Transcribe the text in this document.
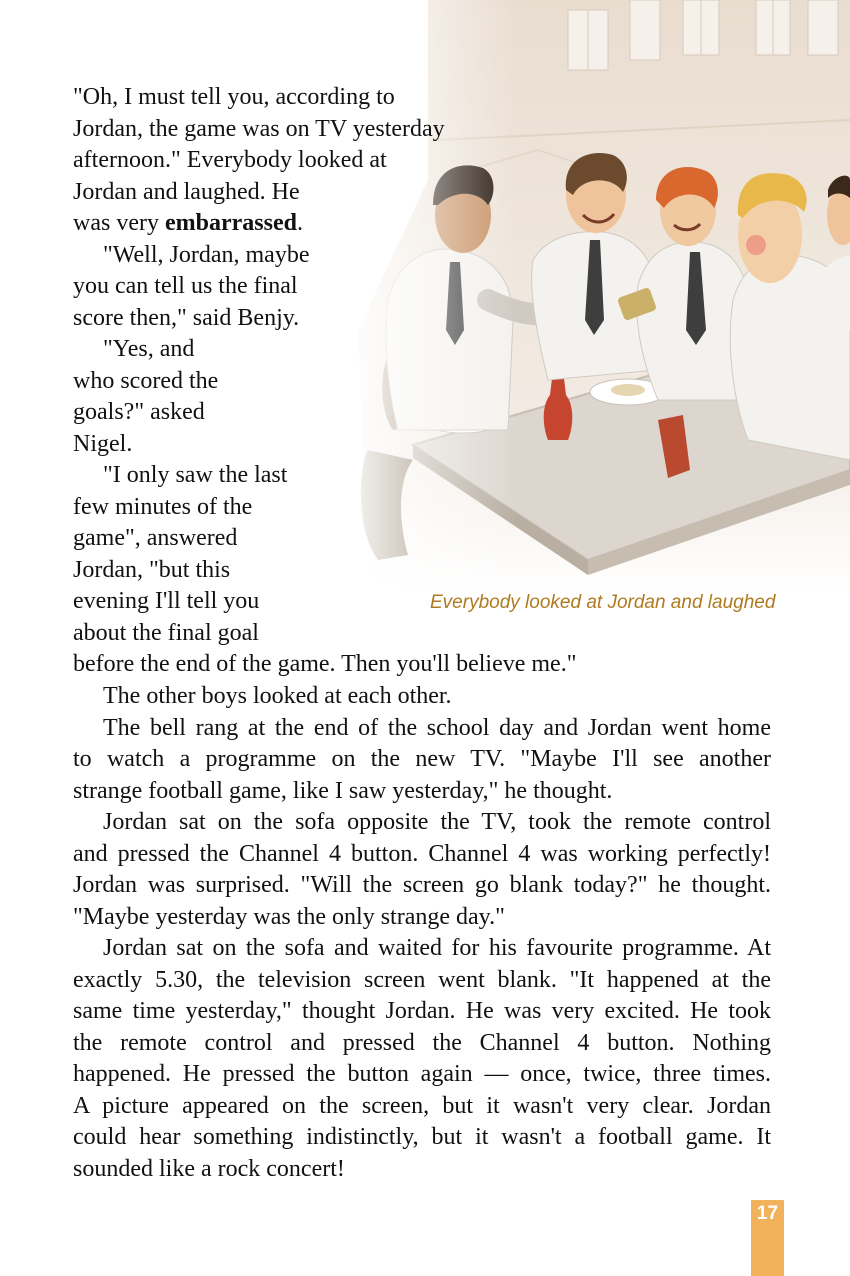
"Oh, I must tell you, according to

Jordan, the game was on TV yesterday

afternoon." Everybody looked at

Jordan and laughed. He

was very embarrassed.

"Well, Jordan, maybe

you can tell us the final

score then," said Benjy.

"Yes, and

who scored the

goals?" asked

Nigel.

"I only saw the last

few minutes of the

game", answered

Jordan, "but this

evening I'll tell you

about the final goal

before the end of the game. Then you'll believe me."

Everybody looked at Jordan and laughed

The other boys looked at each other.

The bell rang at the end of the school day and Jordan went home

to watch a programme on the new TV. "Maybe I'll see another

strange football game, like I saw yesterday," he thought.

Jordan sat on the sofa opposite the TV, took the remote control

and pressed the Channel 4 button. Channel 4 was working perfectly!

Jordan was surprised. "Will the screen go blank today?" he thought.

"Maybe yesterday was the only strange day."

Jordan sat on the sofa and waited for his favourite programme. At

exactly 5.30, the television screen went blank. "It happened at the

same time yesterday," thought Jordan. He was very excited. He took

the remote control and pressed the Channel 4 button. Nothing

happened. He pressed the button again — once, twice, three times.

A picture appeared on the screen, but it wasn't very clear. Jordan

could hear something indistinctly, but it wasn't a football game. It

sounded like a rock concert!

17
